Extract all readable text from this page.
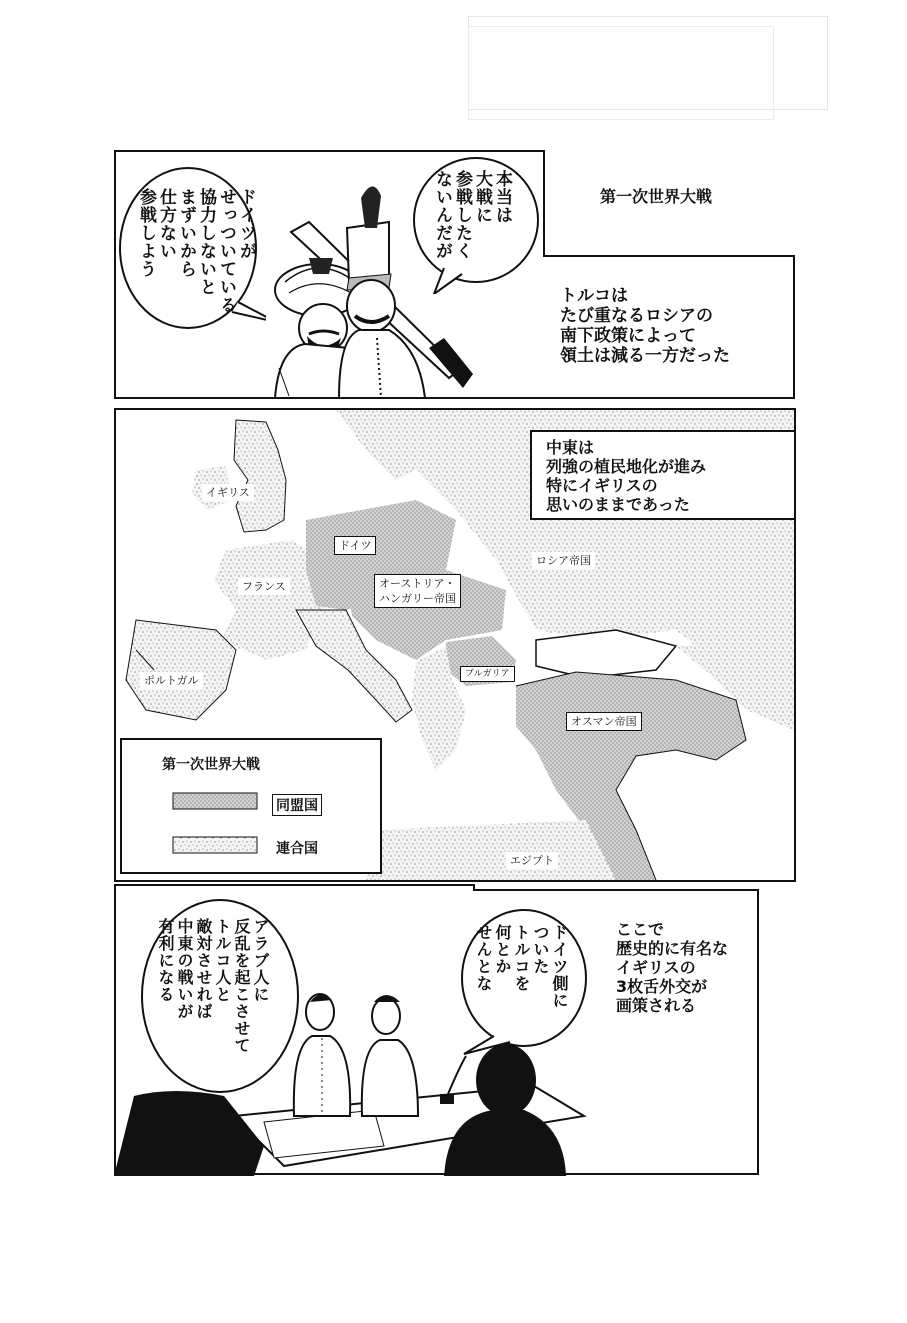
ドイツが
せっついている
協力しないと
まずいから
仕方ない
参戦しよう	本当は
大戦に
参戦したく
ないんだが	第一次世界大戦
トルコは
たび重なるロシアの
南下政策によって
領土は減る一方だった
イギリス
ドイツ
フランス	オーストリア・
ハンガリー帝国
ロシア帝国
ポルトガル	ブルガリア
オスマン帝国
エジプト
中東は
列強の植民地化が進み
特にイギリスの
思いのままであった
第一次世界大戦
同盟国
連合国
ここで
歴史的に有名な
イギリスの
3枚舌外交が
画策される
ドイツ側に
ついた
トルコを
何とか
せんとな
アラブ人に
反乱を起こさせて
トルコ人と
敵対させれば
中東の戦いが
有利になる
